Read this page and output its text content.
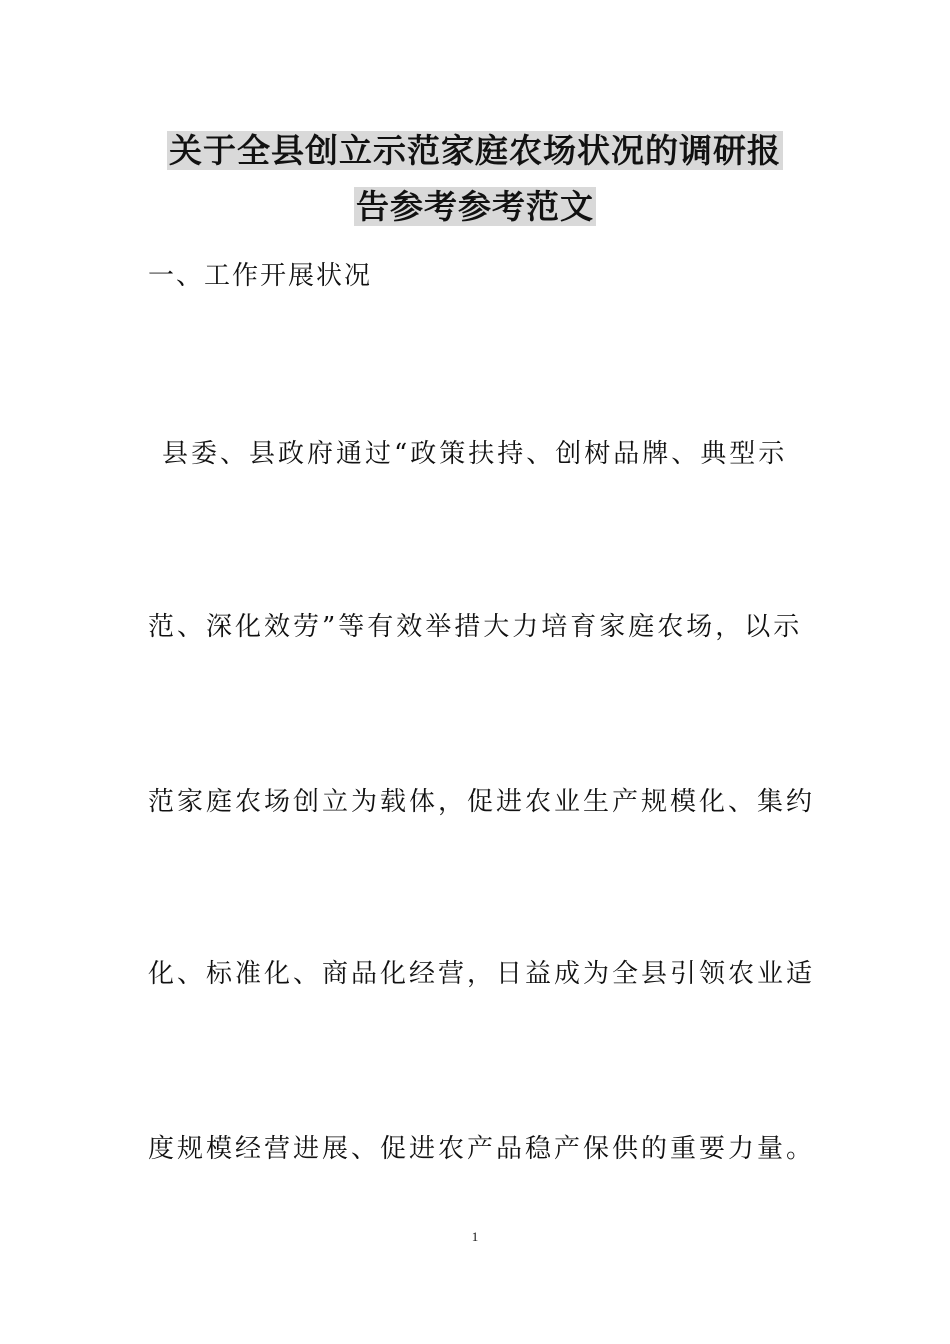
关于全县创立示范家庭农场状况的调研报
告参考参考范文
一、工作开展状况
县委、县政府通过“政策扶持、创树品牌、典型示
范、深化效劳”等有效举措大力培育家庭农场，以示
范家庭农场创立为载体，促进农业生产规模化、集约
化、标准化、商品化经营，日益成为全县引领农业适
度规模经营进展、促进农产品稳产保供的重要力量。
1
